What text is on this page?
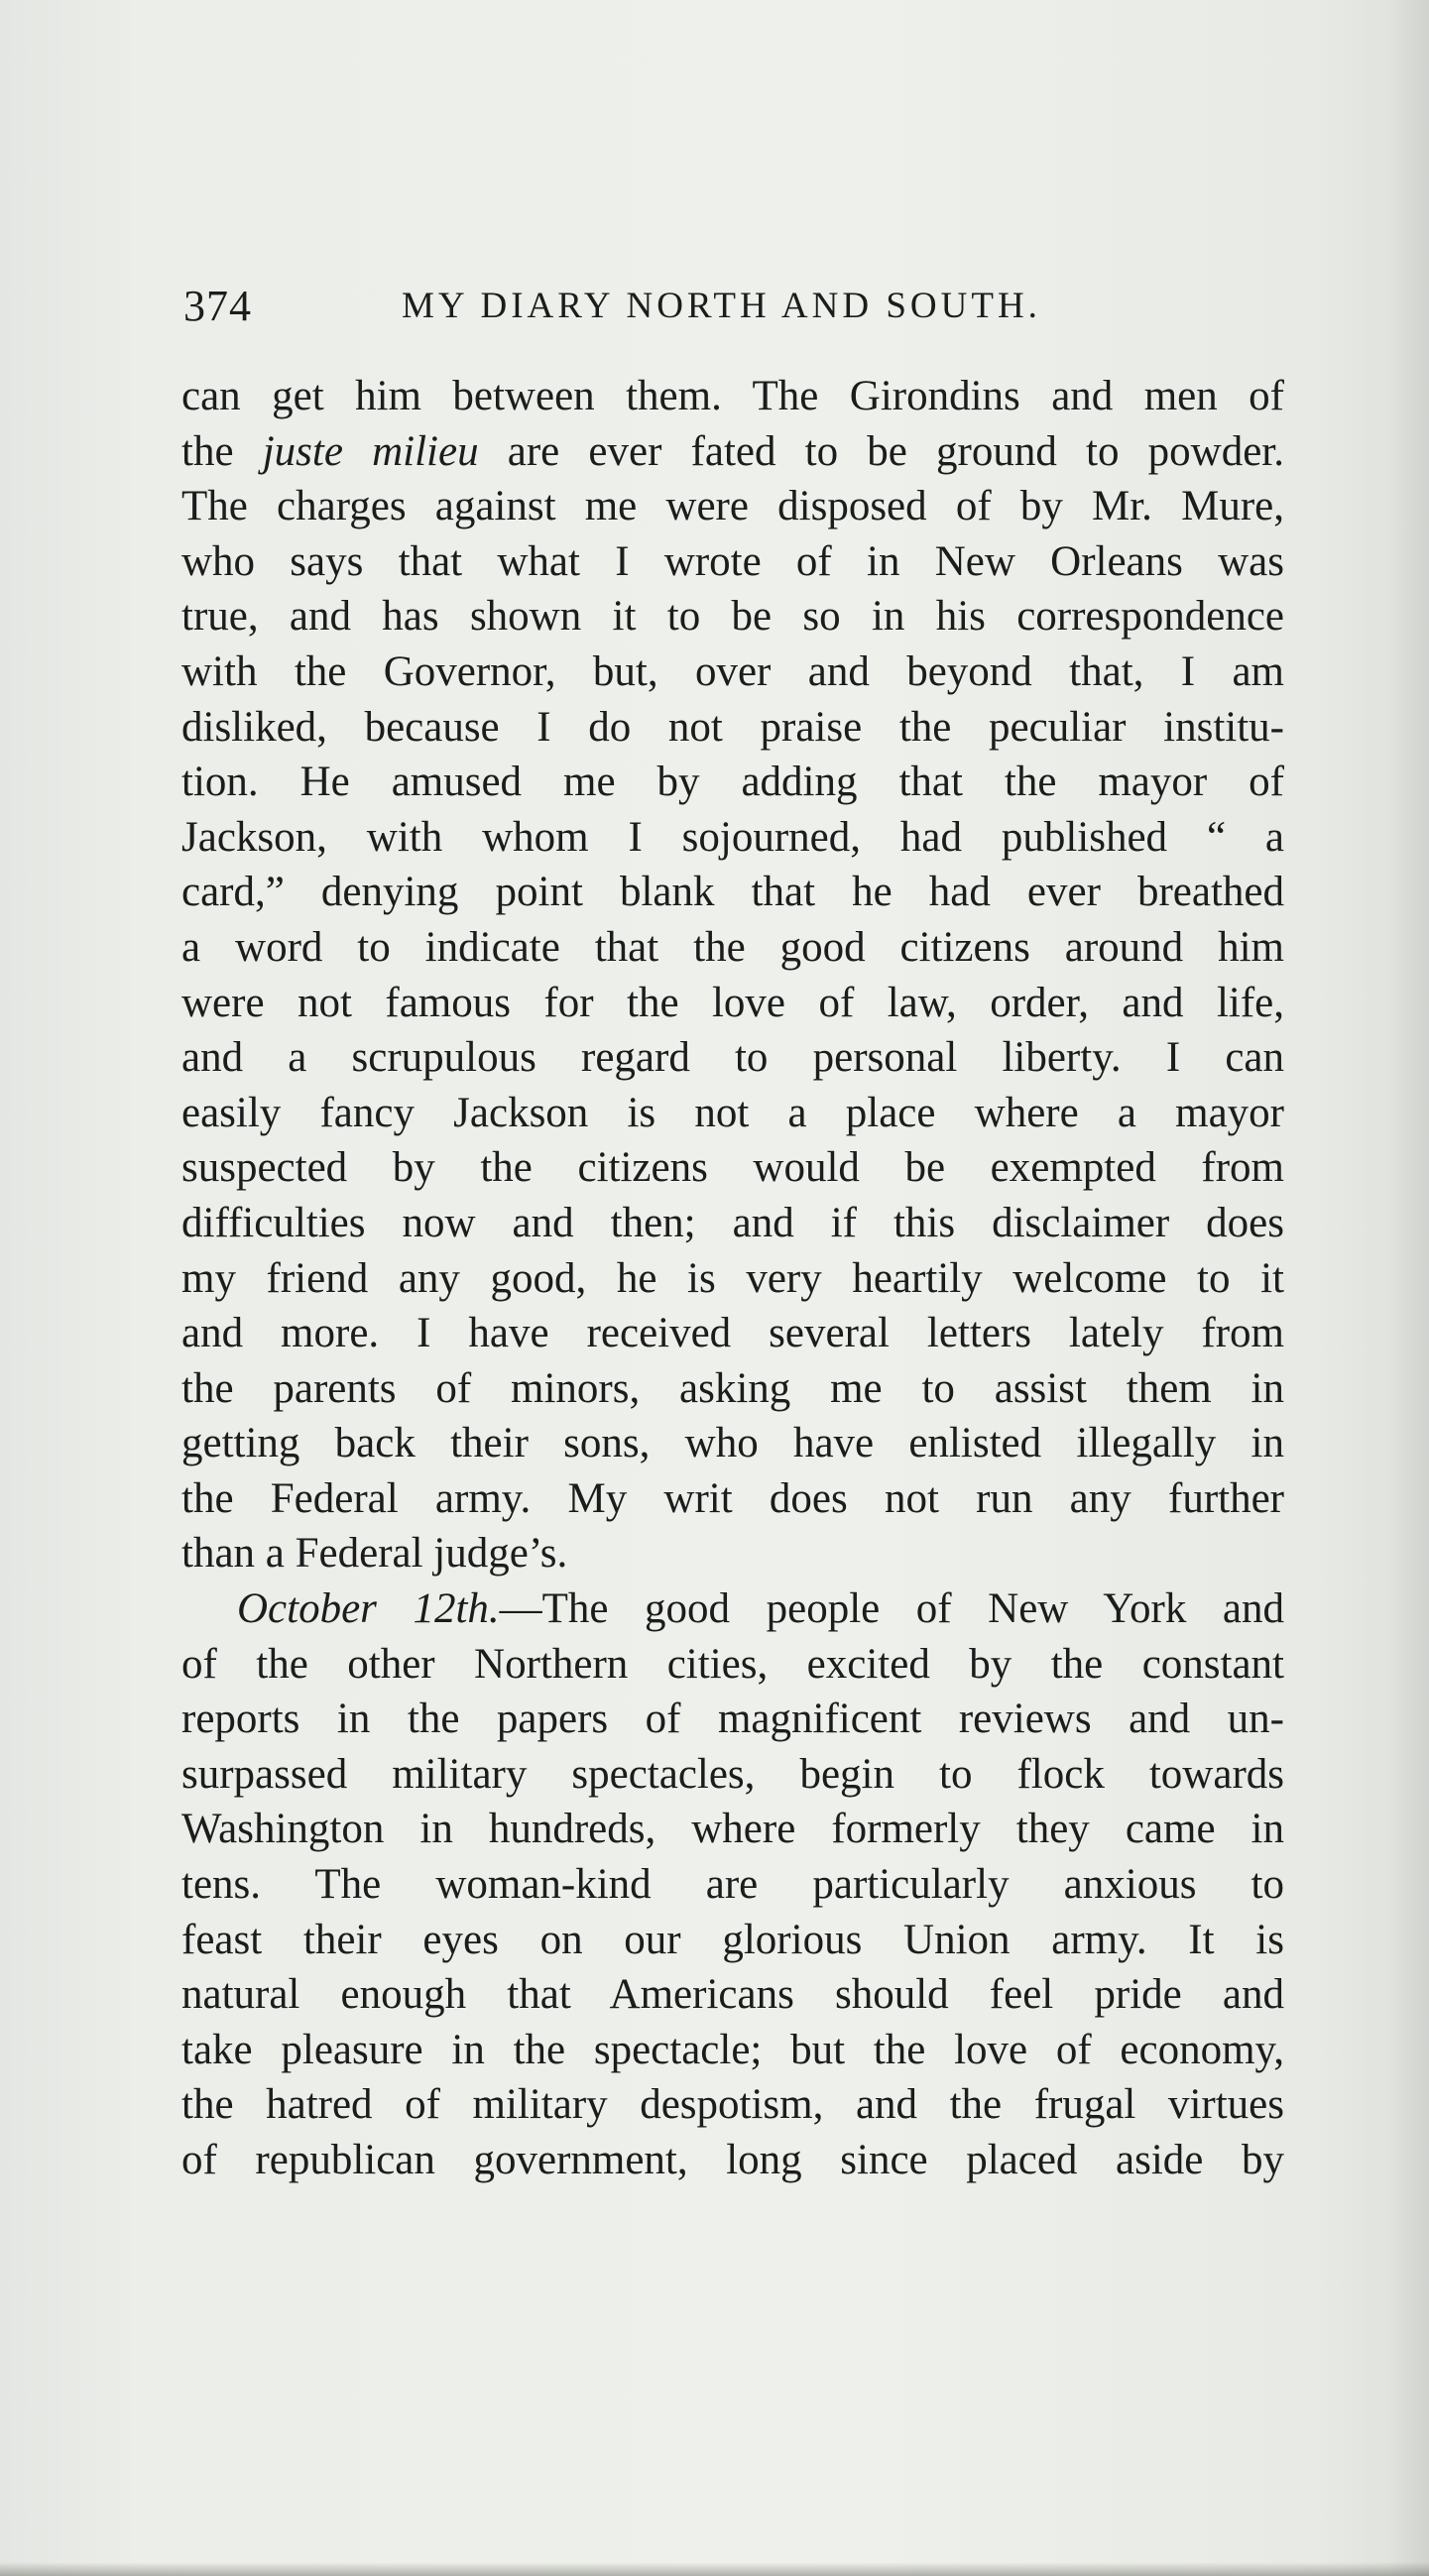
374	MY DIARY NORTH AND SOUTH.
can get him between them. The Girondins and men of
the juste milieu are ever fated to be ground to powder.
The charges against me were disposed of by Mr. Mure,
who says that what I wrote of in New Orleans was
true, and has shown it to be so in his correspondence
with the Governor, but, over and beyond that, I am
disliked, because I do not praise the peculiar institu-
tion. He amused me by adding that the mayor of
Jackson, with whom I sojourned, had published “ a
card,” denying point blank that he had ever breathed
a word to indicate that the good citizens around him
were not famous for the love of law, order, and life,
and a scrupulous regard to personal liberty. I can
easily fancy Jackson is not a place where a mayor
suspected by the citizens would be exempted from
difficulties now and then; and if this disclaimer does
my friend any good, he is very heartily welcome to it
and more. I have received several letters lately from
the parents of minors, asking me to assist them in
getting back their sons, who have enlisted illegally in
the Federal army. My writ does not run any further
than a Federal judge’s.
October 12th.—The good people of New York and
of the other Northern cities, excited by the constant
reports in the papers of magnificent reviews and un-
surpassed military spectacles, begin to flock towards
Washington in hundreds, where formerly they came in
tens. The woman-kind are particularly anxious to
feast their eyes on our glorious Union army. It is
natural enough that Americans should feel pride and
take pleasure in the spectacle; but the love of economy,
the hatred of military despotism, and the frugal virtues
of republican government, long since placed aside by
